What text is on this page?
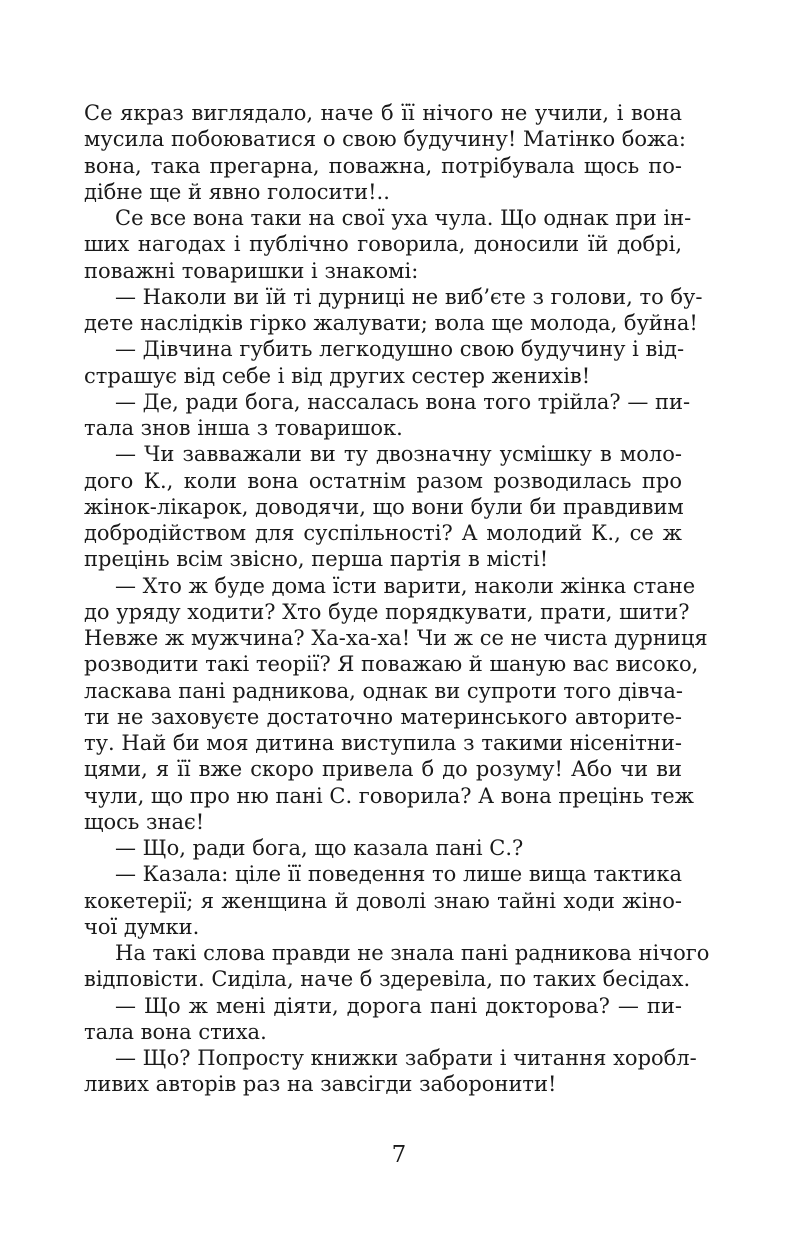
Се якраз виглядало, наче б її нічого не учили, і вона
мусила побоюватися о свою будучину! Матінко божа:
вона, така прегарна, поважна, потрібувала щось по-
дібне ще й явно голосити!..
Се все вона таки на свої уха чула. Що однак при ін-
ших нагодах і публічно говорила, доносили їй добрі,
поважні товаришки і знакомі:
— Наколи ви їй ті дурниці не виб’єте з голови, то бу-
дете наслідків гірко жалувати; вола ще молода, буйна!
— Дівчина губить легкодушно свою будучину і від-
страшує від себе і від других сестер женихів!
— Де, ради бога, нассалась вона того трійла? — пи-
тала знов інша з товаришок.
— Чи завважали ви ту двозначну усмішку в моло-
дого К., коли вона остатнім разом розводилась про
жінок-лікарок, доводячи, що вони були би правдивим
добродійством для суспільності? А молодий К., се ж
прецінь всім звісно, перша партія в місті!
— Хто ж буде дома їсти варити, наколи жінка стане
до уряду ходити? Хто буде порядкувати, прати, шити?
Невже ж мужчина? Ха-ха-ха! Чи ж се не чиста дурниця
розводити такі теорії? Я поважаю й шаную вас високо,
ласкава пані радникова, однак ви супроти того дівча-
ти не заховуєте достаточно материнського авторите-
ту. Най би моя дитина виступила з такими нісенітни-
цями, я її вже скоро привела б до розуму! Або чи ви
чули, що про ню пані С. говорила? А вона прецінь теж
щось знає!
— Що, ради бога, що казала пані С.?
— Казала: ціле її поведення то лише вища тактика
кокетерії; я женщина й доволі знаю тайні ходи жіно-
чої думки.
На такі слова правди не знала пані радникова нічого
відповісти. Сиділа, наче б здеревіла, по таких бесідах.
— Що ж мені діяти, дорога пані докторова? — пи-
тала вона стиха.
— Що? Попросту книжки забрати і читання хоробл-
ливих авторів раз на завсігди заборонити!
7
